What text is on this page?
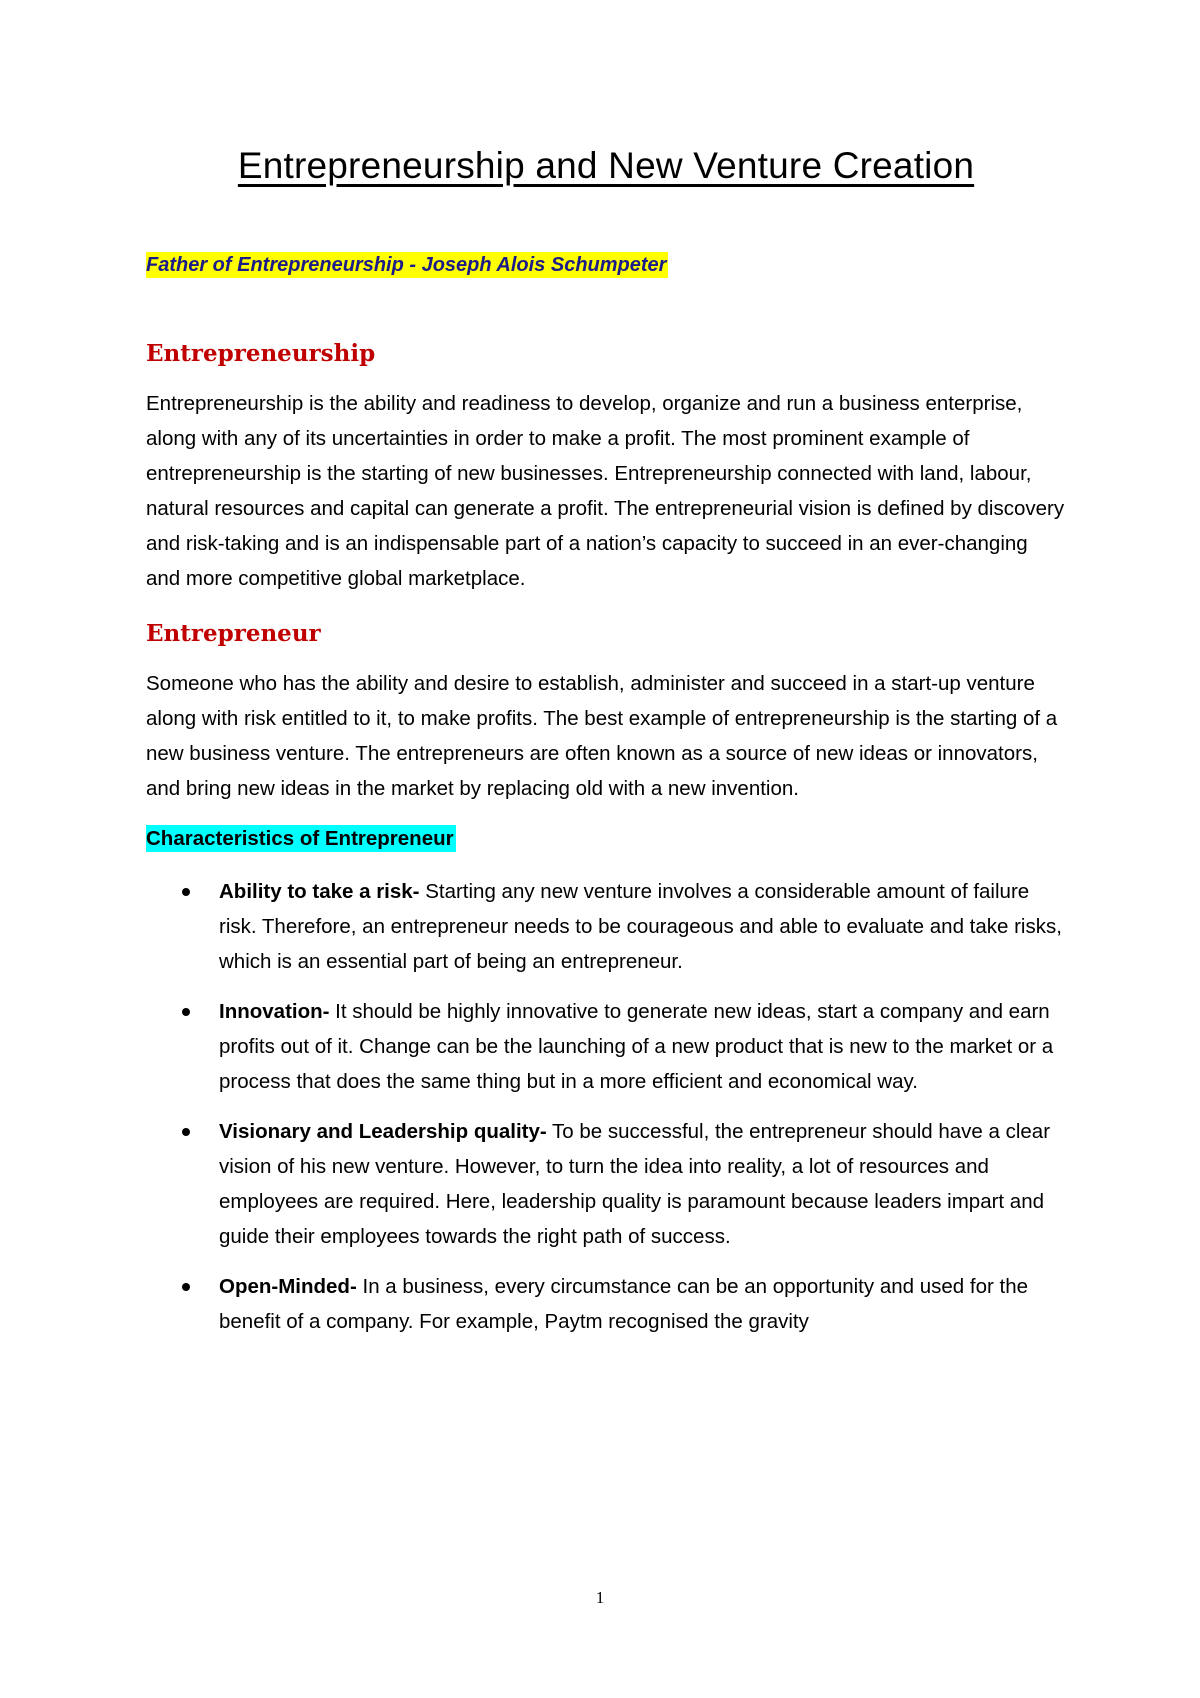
Entrepreneurship and New Venture Creation
Father of Entrepreneurship - Joseph Alois Schumpeter
Entrepreneurship

Entrepreneurship is the ability and readiness to develop, organize and run a business enterprise, along with any of its uncertainties in order to make a profit. The most prominent example of entrepreneurship is the starting of new businesses. Entrepreneurship connected with land, labour, natural resources and capital can generate a profit. The entrepreneurial vision is defined by discovery and risk-taking and is an indispensable part of a nation’s capacity to succeed in an ever-changing and more competitive global marketplace.

Entrepreneur

Someone who has the ability and desire to establish, administer and succeed in a start-up venture along with risk entitled to it, to make profits. The best example of entrepreneurship is the starting of a new business venture. The entrepreneurs are often known as a source of new ideas or innovators, and bring new ideas in the market by replacing old with a new invention.

Characteristics of Entrepreneur
Ability to take a risk- Starting any new venture involves a considerable amount of failure risk. Therefore, an entrepreneur needs to be courageous and able to evaluate and take risks, which is an essential part of being an entrepreneur.
Innovation- It should be highly innovative to generate new ideas, start a company and earn profits out of it. Change can be the launching of a new product that is new to the market or a process that does the same thing but in a more efficient and economical way.
Visionary and Leadership quality- To be successful, the entrepreneur should have a clear vision of his new venture. However, to turn the idea into reality, a lot of resources and employees are required. Here, leadership quality is paramount because leaders impart and guide their employees towards the right path of success.
Open-Minded- In a business, every circumstance can be an opportunity and used for the benefit of a company. For example, Paytm recognised the gravity
1
